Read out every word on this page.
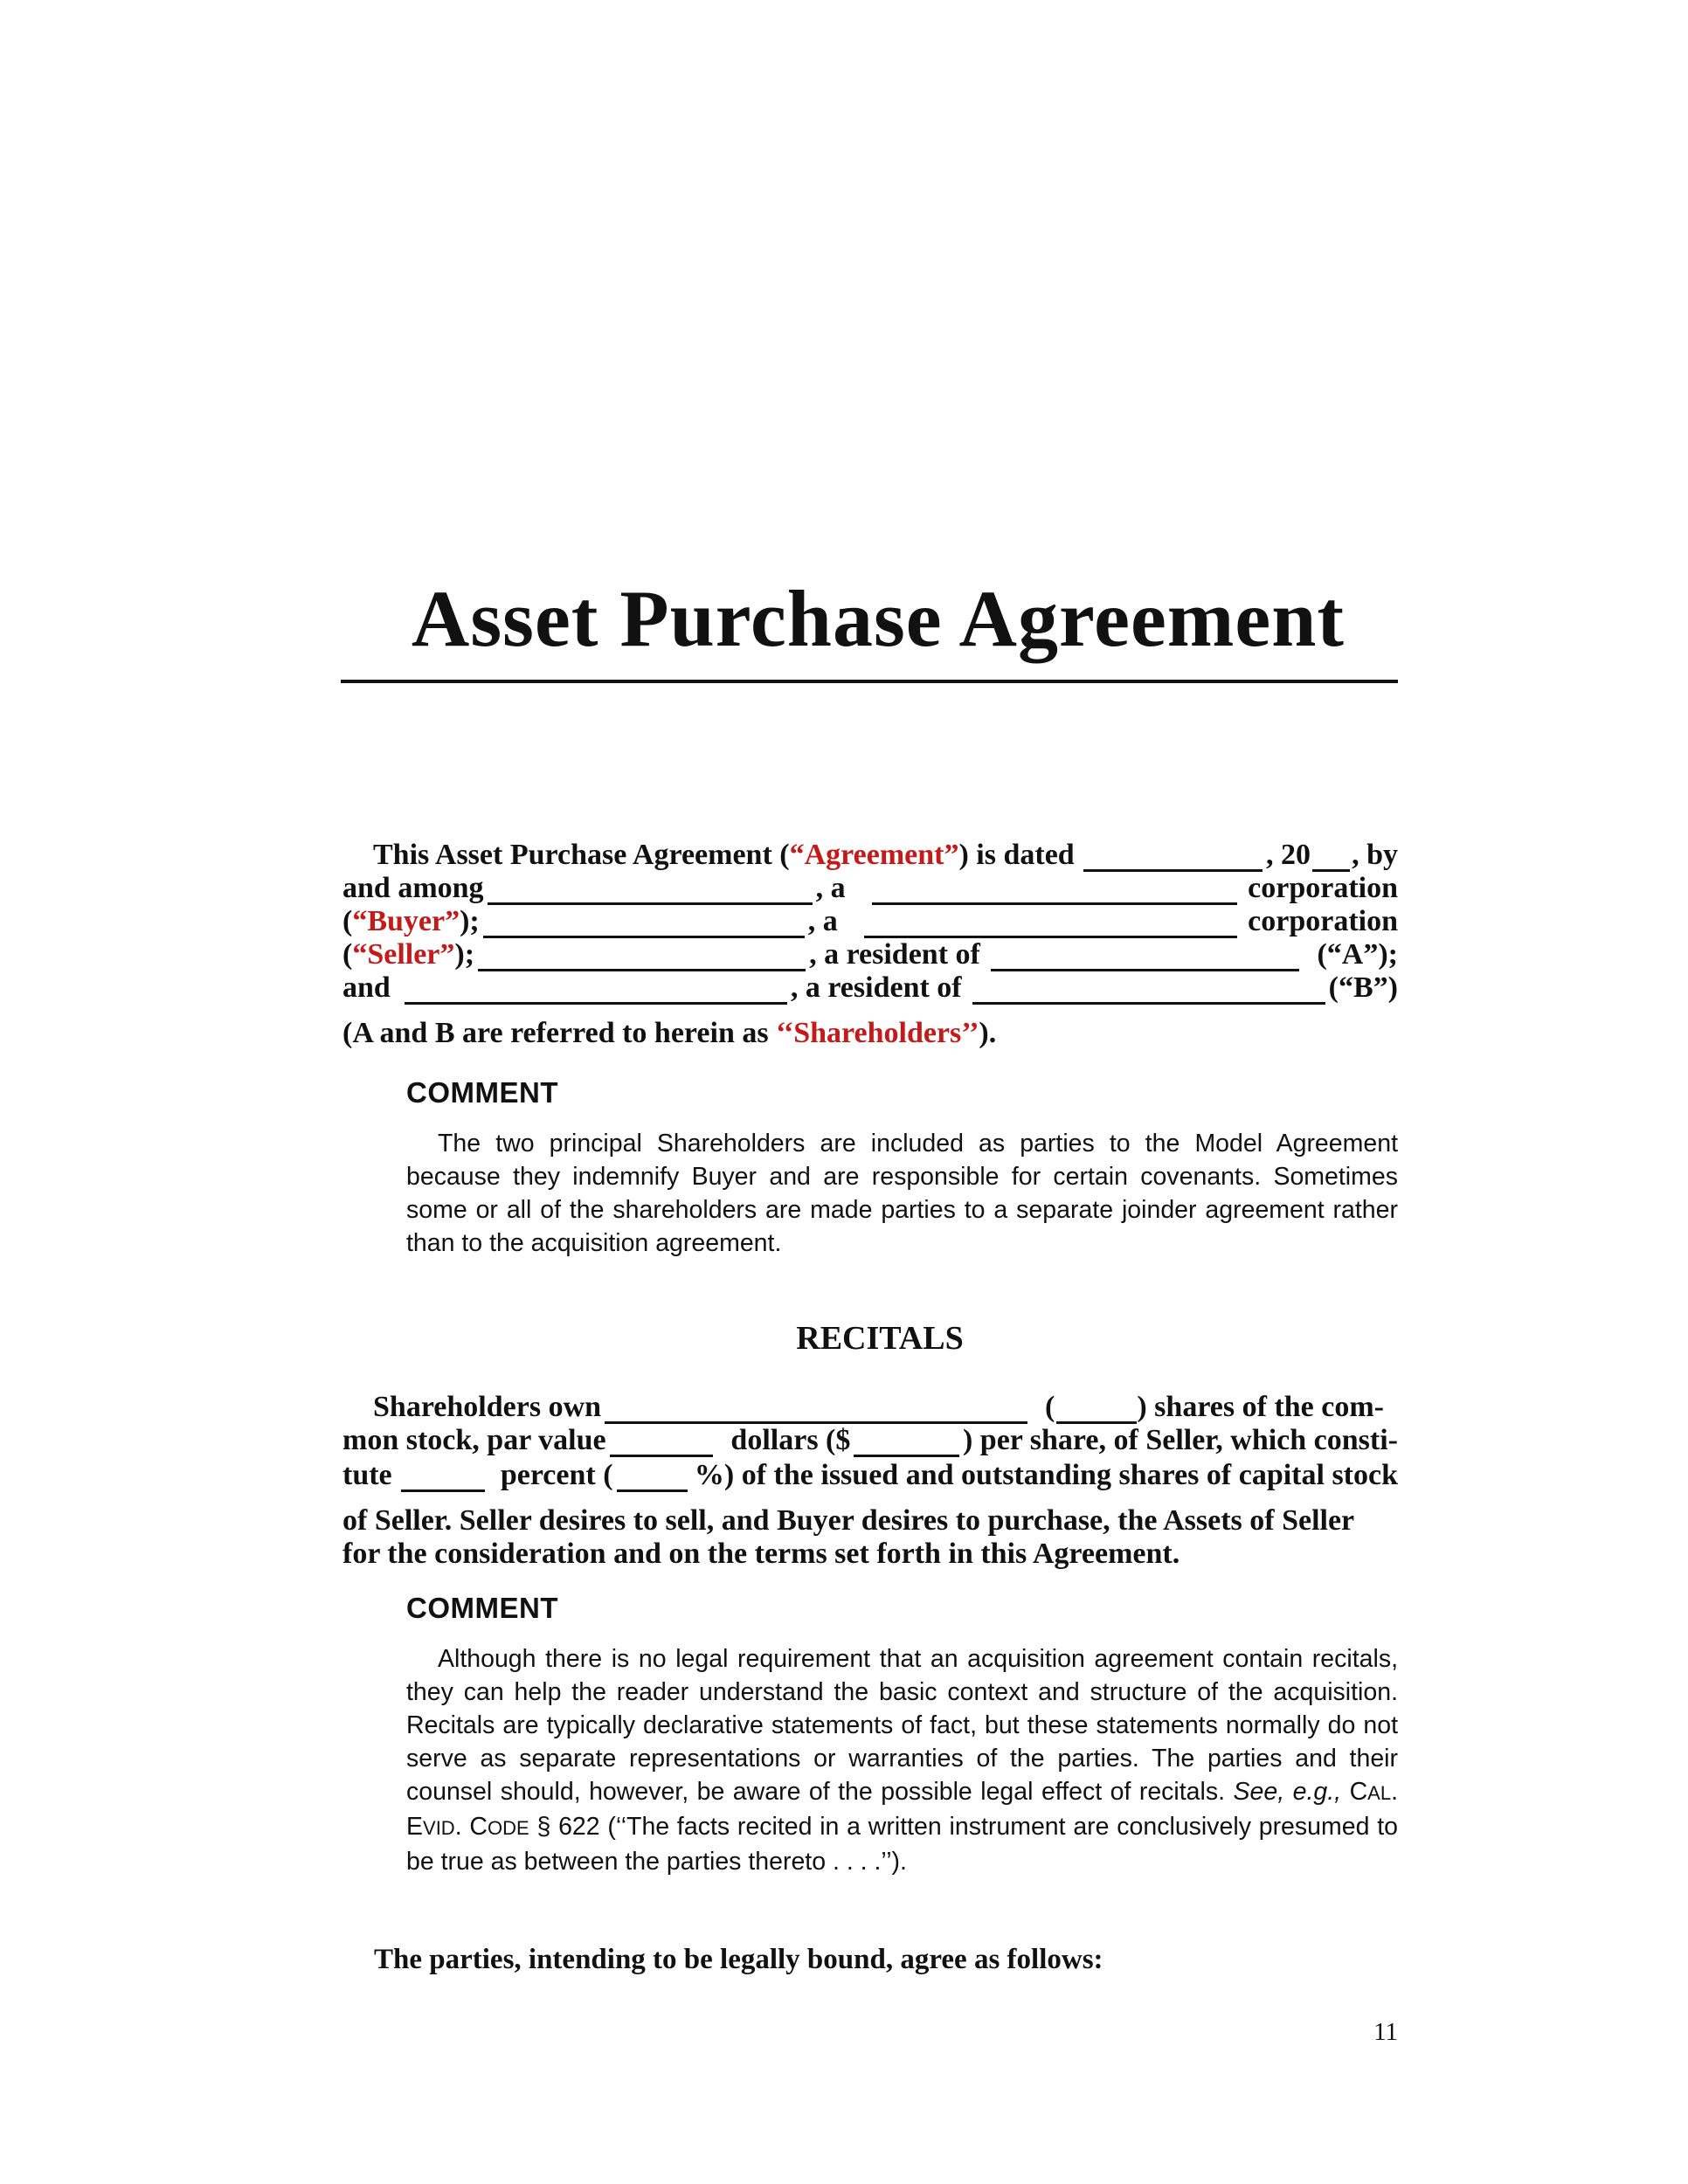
Asset Purchase Agreement
This Asset Purchase Agreement ( “Agreement” ) is dated	, 20 , by
and among	, a	corporation
( “Buyer” );	, a	corporation
( “Seller” );	, a resident of	(“A”);
and	, a resident of	(“B”)
(A and B are referred to herein as
‘‘Shareholders’’ ).
COMMENT

The two principal Shareholders are included as parties to the Model Agreement because they indemnify Buyer and are responsible for certain covenants. Sometimes some or all of the shareholders are made parties to a separate joinder agreement rather than to the acquisition agreement.

RECITALS
Shareholders own	(	) shares of the com-
mon stock, par value	dollars ($	) per share, of Seller, which consti-
tute	percent (	%) of the issued and outstanding shares of capital stock
of Seller. Seller desires to sell, and Buyer desires to purchase, the Assets of Seller
for the consideration and on the terms set forth in this Agreement.
COMMENT

Although there is no legal requirement that an acquisition agreement contain recitals, they can help the reader understand the basic context and structure of the acquisition. Recitals are typically declarative statements of fact, but these statements normally do not serve as separate representations or warranties of the parties. The parties and their counsel should, however, be aware of the possible legal effect of recitals. See, e.g., CAL. EVID. CODE § 622 (‘‘The facts recited in a written instrument are conclusively presumed to be true as between the parties thereto . . . .’’).

The parties, intending to be legally bound, agree as follows:
11
